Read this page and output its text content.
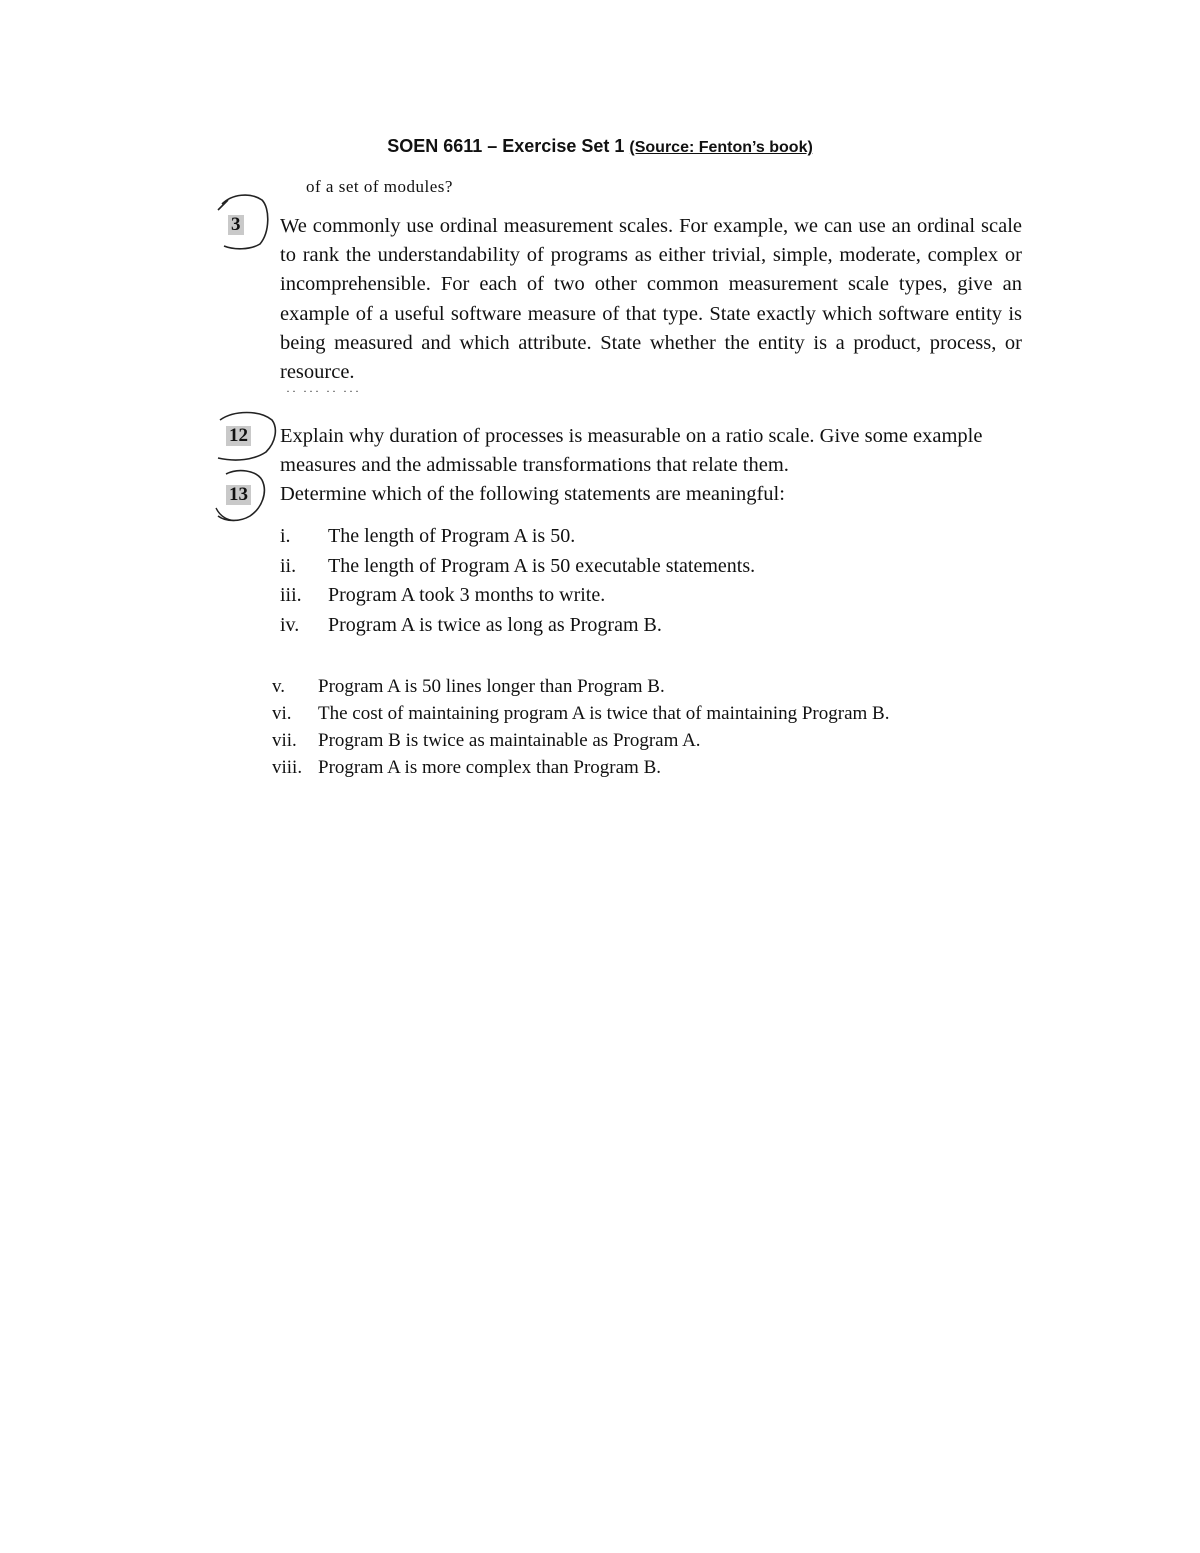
SOEN 6611 – Exercise Set 1 (Source: Fenton’s book)
of a set of modules?
3 We commonly use ordinal measurement scales. For example, we can use an ordinal scale to rank the understandability of programs as either trivial, simple, moderate, complex or incomprehensible. For each of two other common measurement scale types, give an example of a useful software measure of that type. State exactly which software entity is being measured and which attribute. State whether the entity is a product, process, or resource.
·· ··· ·· ···
12 Explain why duration of processes is measurable on a ratio scale. Give some example measures and the admissable transformations that relate them.
13 Determine which of the following statements are meaningful:
i.	The length of Program A is 50.
ii.	The length of Program A is 50 executable statements.
iii.	Program A took 3 months to write.
iv.	Program A is twice as long as Program B.
v.	Program A is 50 lines longer than Program B.
vi.	The cost of maintaining program A is twice that of maintaining Program B.
vii.	Program B is twice as maintainable as Program A.
viii. Program A is more complex than Program B.
